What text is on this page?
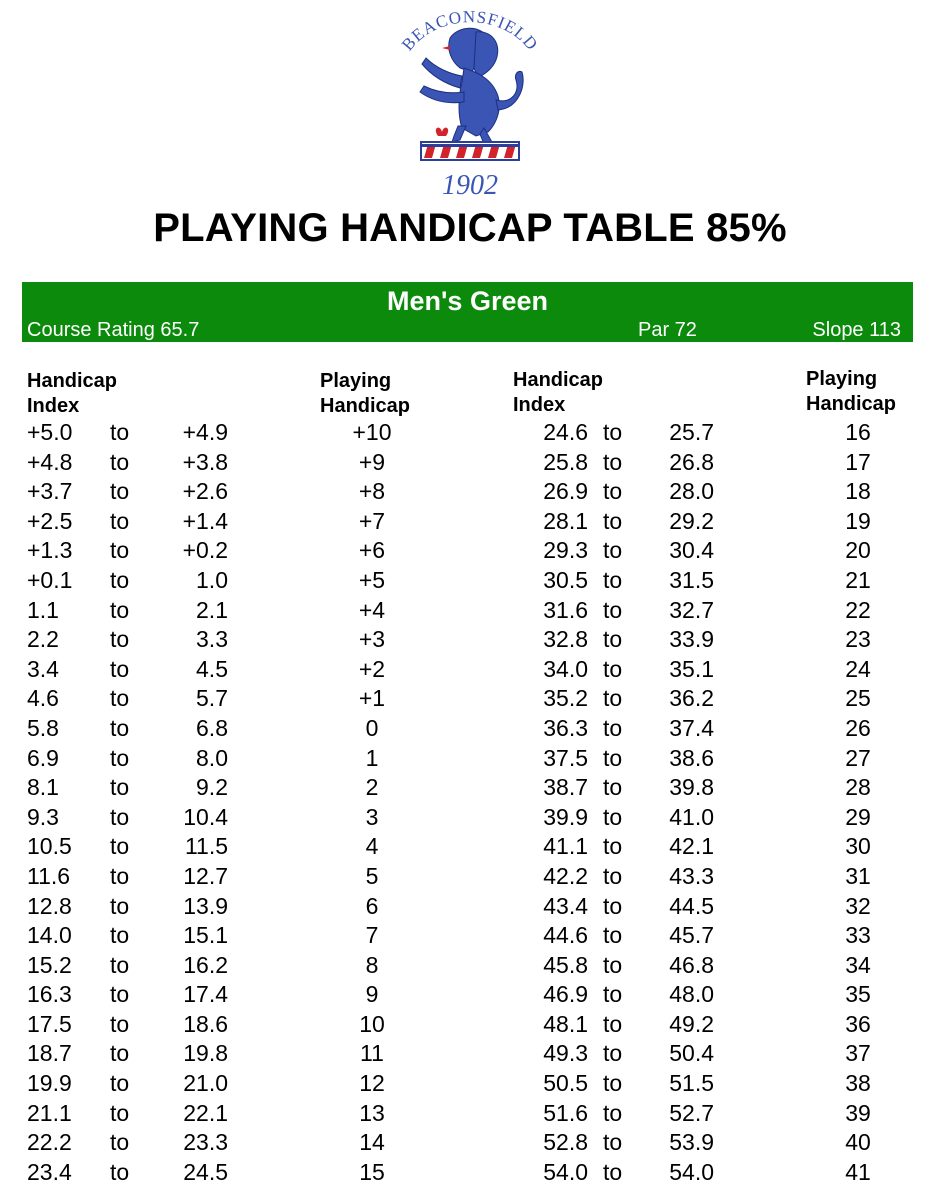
BEACONSFIELD
1902
PLAYING HANDICAP TABLE 85%
Men's Green
Course Rating 65.7	Par 72	Slope 113
Handicap
Index
Playing
Handicap
Handicap
Index
Playing
Handicap
+5.0 to	+4.9	+10	24.6 to	25.7	16
+4.8 to	+3.8	+9	25.8 to	26.8	17
+3.7 to	+2.6	+8	26.9 to	28.0	18
+2.5 to	+1.4	+7	28.1 to	29.2	19
+1.3 to	+0.2	+6	29.3 to	30.4	20
+0.1 to	1.0	+5	30.5 to	31.5	21
1.1 to	2.1	+4	31.6 to	32.7	22
2.2 to	3.3	+3	32.8 to	33.9	23
3.4 to	4.5	+2	34.0 to	35.1	24
4.6 to	5.7	+1	35.2 to	36.2	25
5.8 to	6.8	0	36.3 to	37.4	26
6.9 to	8.0	1	37.5 to	38.6	27
8.1 to	9.2	2	38.7 to	39.8	28
9.3 to	10.4	3	39.9 to	41.0	29
10.5 to	11.5	4	41.1 to	42.1	30
11.6 to	12.7	5	42.2 to	43.3	31
12.8 to	13.9	6	43.4 to	44.5	32
14.0 to	15.1	7	44.6 to	45.7	33
15.2 to	16.2	8	45.8 to	46.8	34
16.3 to	17.4	9	46.9 to	48.0	35
17.5 to	18.6	10	48.1 to	49.2	36
18.7 to	19.8	11	49.3 to	50.4	37
19.9 to	21.0	12	50.5 to	51.5	38
21.1 to	22.1	13	51.6 to	52.7	39
22.2 to	23.3	14	52.8 to	53.9	40
23.4 to	24.5	15	54.0 to	54.0	41
